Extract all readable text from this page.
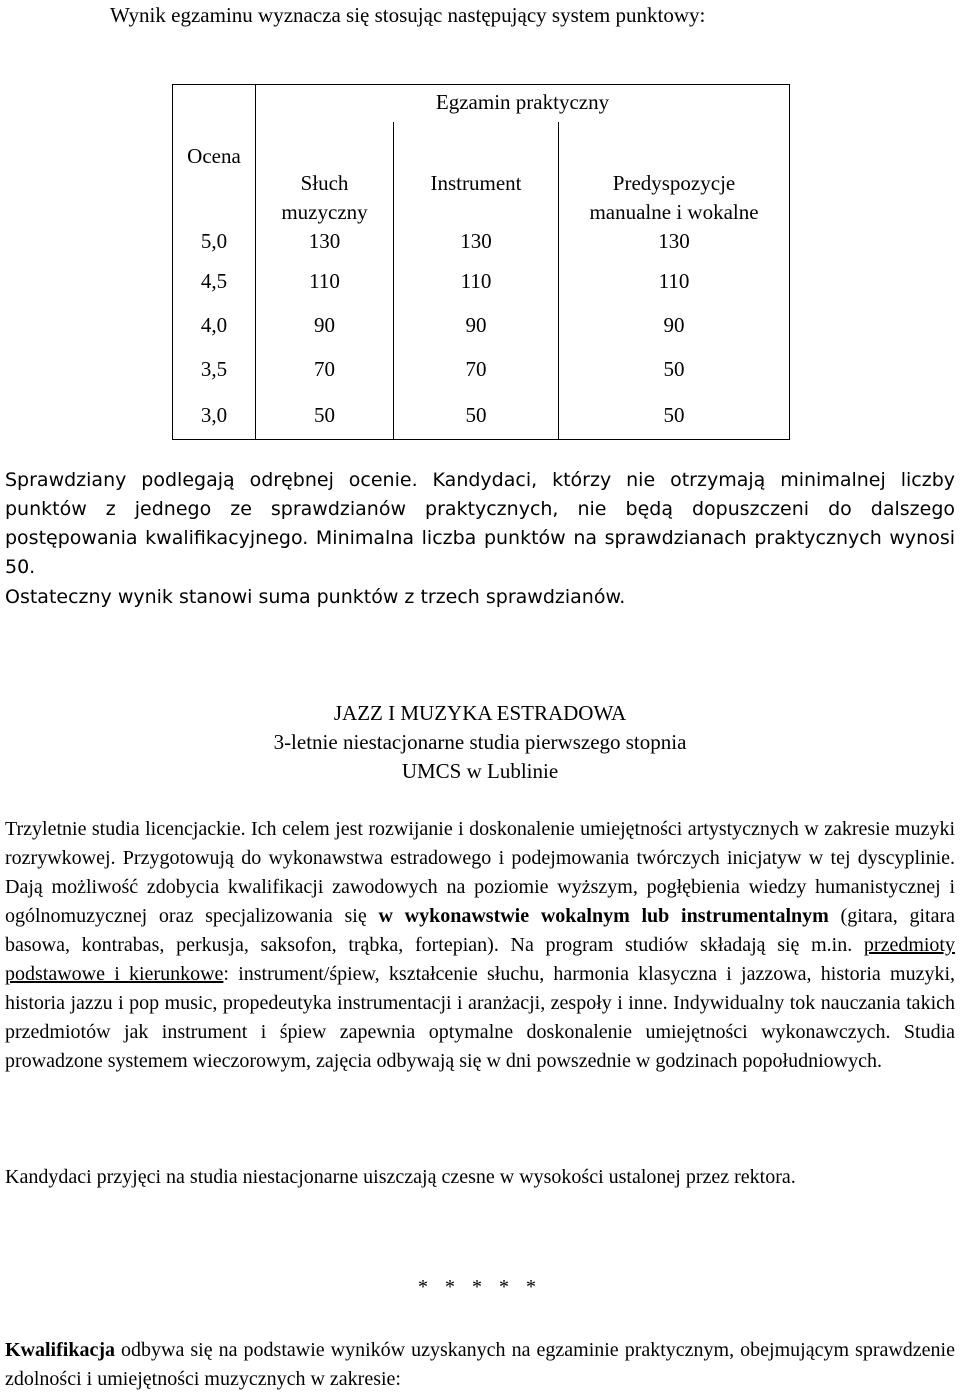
Wynik egzaminu wyznacza się stosując następujący system punktowy:

Ocena	Egzamin praktyczny		
	Słuch muzyczny	Instrument	Predyspozycje manualne i wokalne
5,0	130	130	130
4,5	110	110	110
4,0	90	90	90
3,5	70	70	50
3,0	50	50	50

Sprawdziany podlegają odrębnej ocenie. Kandydaci, którzy nie otrzymają minimalnej liczby punktów z jednego ze sprawdzianów praktycznych, nie będą dopuszczeni do dalszego postępowania kwalifikacyjnego. Minimalna liczba punktów na sprawdzianach praktycznych wynosi 50.

Ostateczny wynik stanowi suma punktów z trzech sprawdzianów.

JAZZ I MUZYKA ESTRADOWA
3-letnie niestacjonarne studia pierwszego stopnia
UMCS w Lublinie

Trzyletnie studia licencjackie. Ich celem jest rozwijanie i doskonalenie umiejętności artystycznych w zakresie muzyki rozrywkowej. Przygotowują do wykonawstwa estradowego i podejmowania twórczych inicjatyw w tej dyscyplinie. Dają możliwość zdobycia kwalifikacji zawodowych na poziomie wyższym, pogłębienia wiedzy humanistycznej i ogólnomuzycznej oraz specjalizowania się w wykonawstwie wokalnym lub instrumentalnym (gitara, gitara basowa, kontrabas, perkusja, saksofon, trąbka, fortepian). Na program studiów składają się m.in. przedmioty podstawowe i kierunkowe: instrument/śpiew, kształcenie słuchu, harmonia klasyczna i jazzowa, historia muzyki, historia jazzu i pop music, propedeutyka instrumentacji i aranżacji, zespoły i inne. Indywidualny tok nauczania takich przedmiotów jak instrument i śpiew zapewnia optymalne doskonalenie umiejętności wykonawczych. Studia prowadzone systemem wieczorowym, zajęcia odbywają się w dni powszednie w godzinach popołudniowych.

Kandydaci przyjęci na studia niestacjonarne uiszczają czesne w wysokości ustalonej przez rektora.

* * * * *

Kwalifikacja odbywa się na podstawie wyników uzyskanych na egzaminie praktycznym, obejmującym sprawdzenie zdolności i umiejętności muzycznych w zakresie:
